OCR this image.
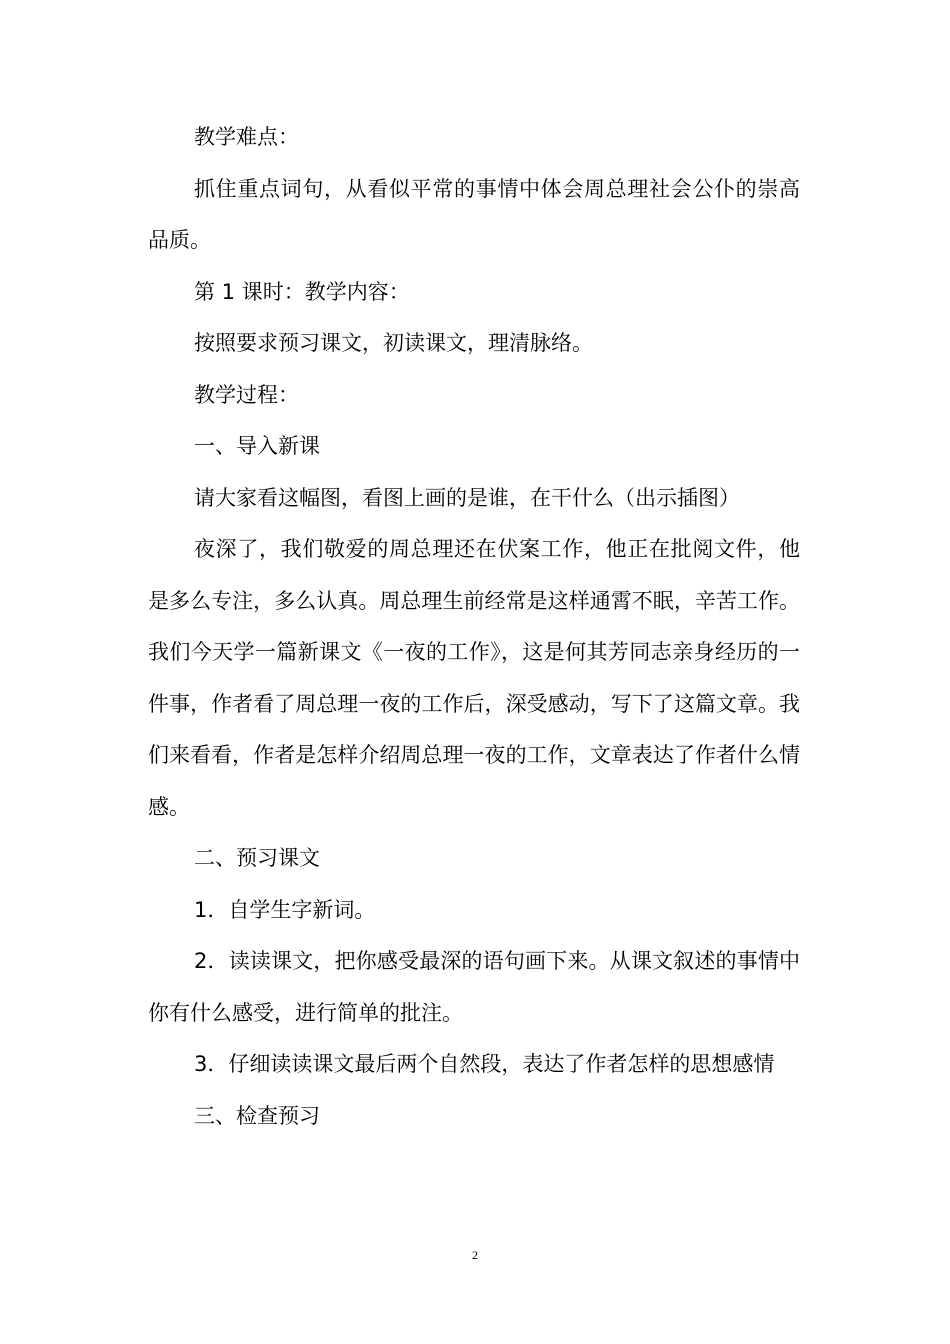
教学难点：

抓住重点词句，从看似平常的事情中体会周总理社会公仆的崇高品质。

第 1 课时：教学内容：

按照要求预习课文，初读课文，理清脉络。

教学过程：

一、导入新课

请大家看这幅图，看图上画的是谁，在干什么（出示插图）

夜深了，我们敬爱的周总理还在伏案工作，他正在批阅文件，他是多么专注，多么认真。周总理生前经常是这样通霄不眠，辛苦工作。我们今天学一篇新课文《一夜的工作》，这是何其芳同志亲身经历的一件事，作者看了周总理一夜的工作后，深受感动，写下了这篇文章。我们来看看，作者是怎样介绍周总理一夜的工作，文章表达了作者什么情感。

二、预习课文

1．自学生字新词。

2．读读课文，把你感受最深的语句画下来。从课文叙述的事情中你有什么感受，进行简单的批注。

3．仔细读读课文最后两个自然段，表达了作者怎样的思想感情

三、检查预习

2
